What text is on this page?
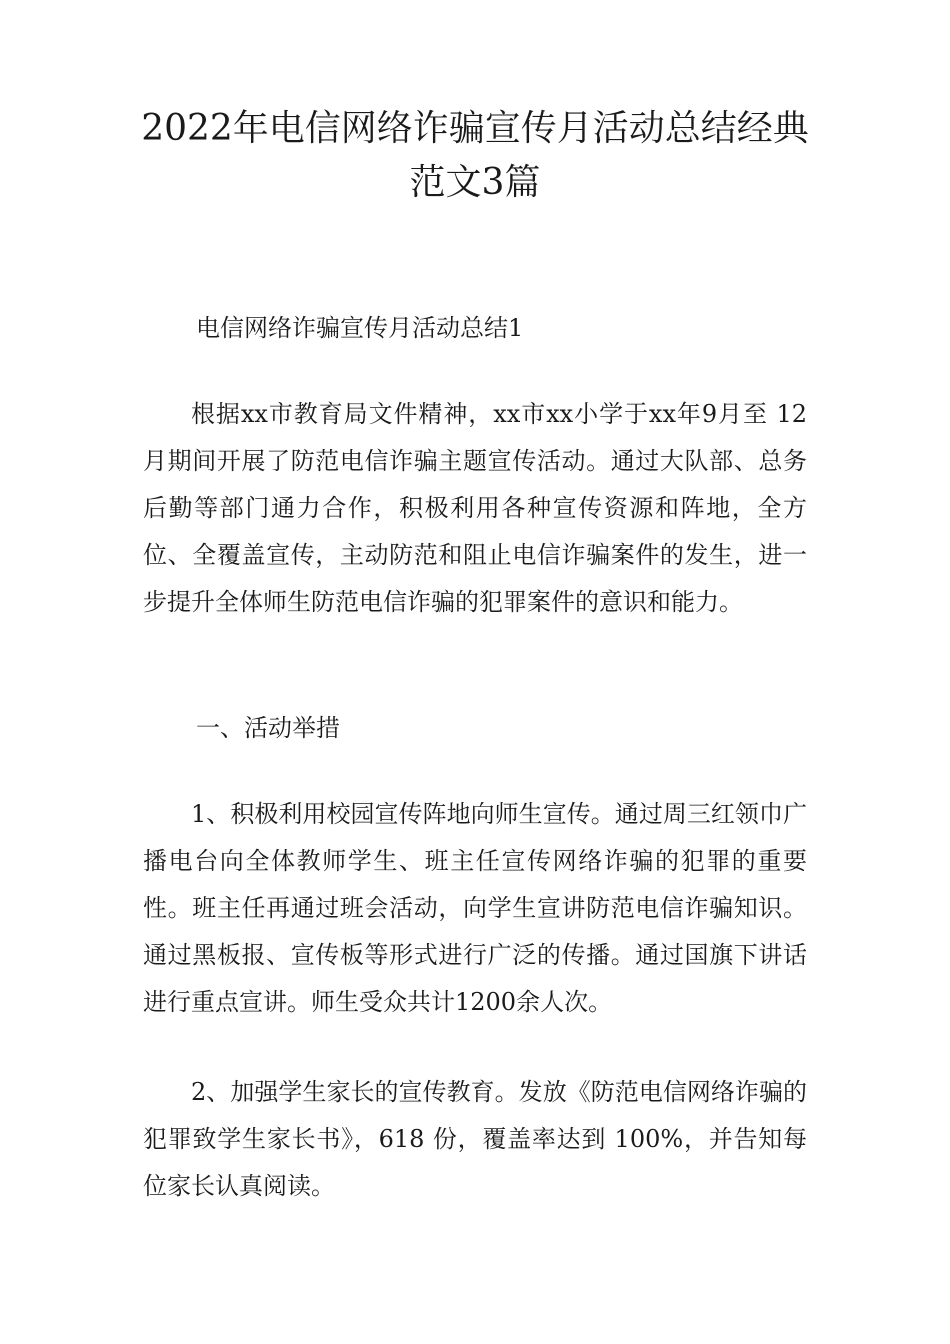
2022年电信网络诈骗宣传月活动总结经典范文3篇

电信网络诈骗宣传月活动总结1

根据xx市教育局文件精神，xx市xx小学于xx年9月至 12 月期间开展了防范电信诈骗主题宣传活动。通过大队部、总务后勤等部门通力合作，积极利用各种宣传资源和阵地，全方位、全覆盖宣传，主动防范和阻止电信诈骗案件的发生，进一步提升全体师生防范电信诈骗的犯罪案件的意识和能力。

一、活动举措

1、积极利用校园宣传阵地向师生宣传。通过周三红领巾广播电台向全体教师学生、班主任宣传网络诈骗的犯罪的重要性。班主任再通过班会活动，向学生宣讲防范电信诈骗知识。通过黑板报、宣传板等形式进行广泛的传播。通过国旗下讲话进行重点宣讲。师生受众共计1200余人次。

2、加强学生家长的宣传教育。发放《防范电信网络诈骗的犯罪致学生家长书》，618 份，覆盖率达到 100%，并告知每位家长认真阅读。
